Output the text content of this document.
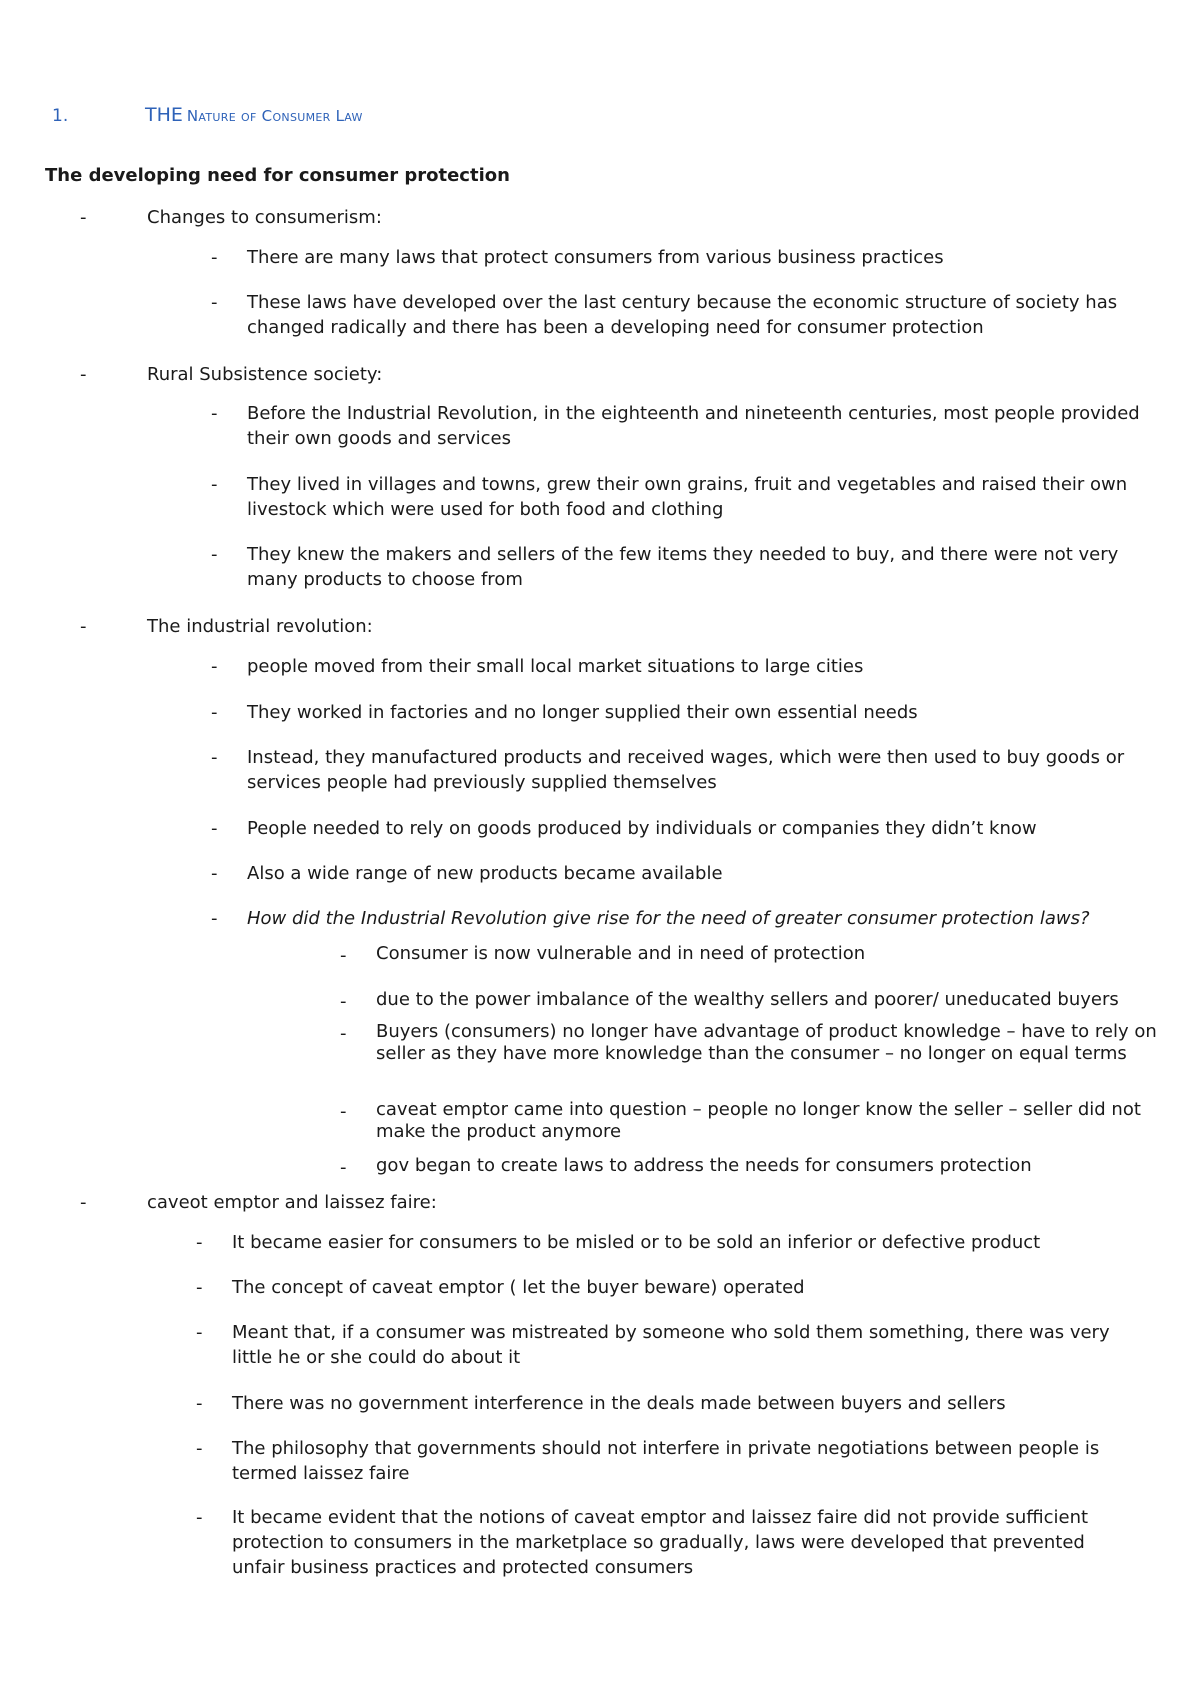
1.	THE Nature of Consumer Law
The developing need for consumer protection
-	Changes to consumerism:
- There are many laws that protect consumers from various business practices
- These laws have developed over the last century because the economic structure of society has changed radically and there has been a developing need for consumer protection
-	Rural Subsistence society:
- Before the Industrial Revolution, in the eighteenth and nineteenth centuries, most people provided their own goods and services
- They lived in villages and towns, grew their own grains, fruit and vegetables and raised their own livestock which were used for both food and clothing
- They knew the makers and sellers of the few items they needed to buy, and there were not very many products to choose from
-	The industrial revolution:
- people moved from their small local market situations to large cities
- They worked in factories and no longer supplied their own essential needs
- Instead, they manufactured products and received wages, which were then used to buy goods or services people had previously supplied themselves
- People needed to rely on goods produced by individuals or companies they didn’t know
- Also a wide range of new products became available
- How did the Industrial Revolution give rise for the need of greater consumer protection laws?
- Consumer is now vulnerable and in need of protection
- due to the power imbalance of the wealthy sellers and poorer/ uneducated buyers
- Buyers (consumers) no longer have advantage of product knowledge – have to rely on seller as they have more knowledge than the consumer – no longer on equal terms
- caveat emptor came into question – people no longer know the seller – seller did not make the product anymore
- gov began to create laws to address the needs for consumers protection
-	caveot emptor and laissez faire:
- It became easier for consumers to be misled or to be sold an inferior or defective product
- The concept of caveat emptor ( let the buyer beware) operated
- Meant that, if a consumer was mistreated by someone who sold them something, there was very little he or she could do about it
- There was no government interference in the deals made between buyers and sellers
- The philosophy that governments should not interfere in private negotiations between people is termed laissez faire
- It became evident that the notions of caveat emptor and laissez faire did not provide sufficient protection to consumers in the marketplace so gradually, laws were developed that prevented unfair business practices and protected consumers
